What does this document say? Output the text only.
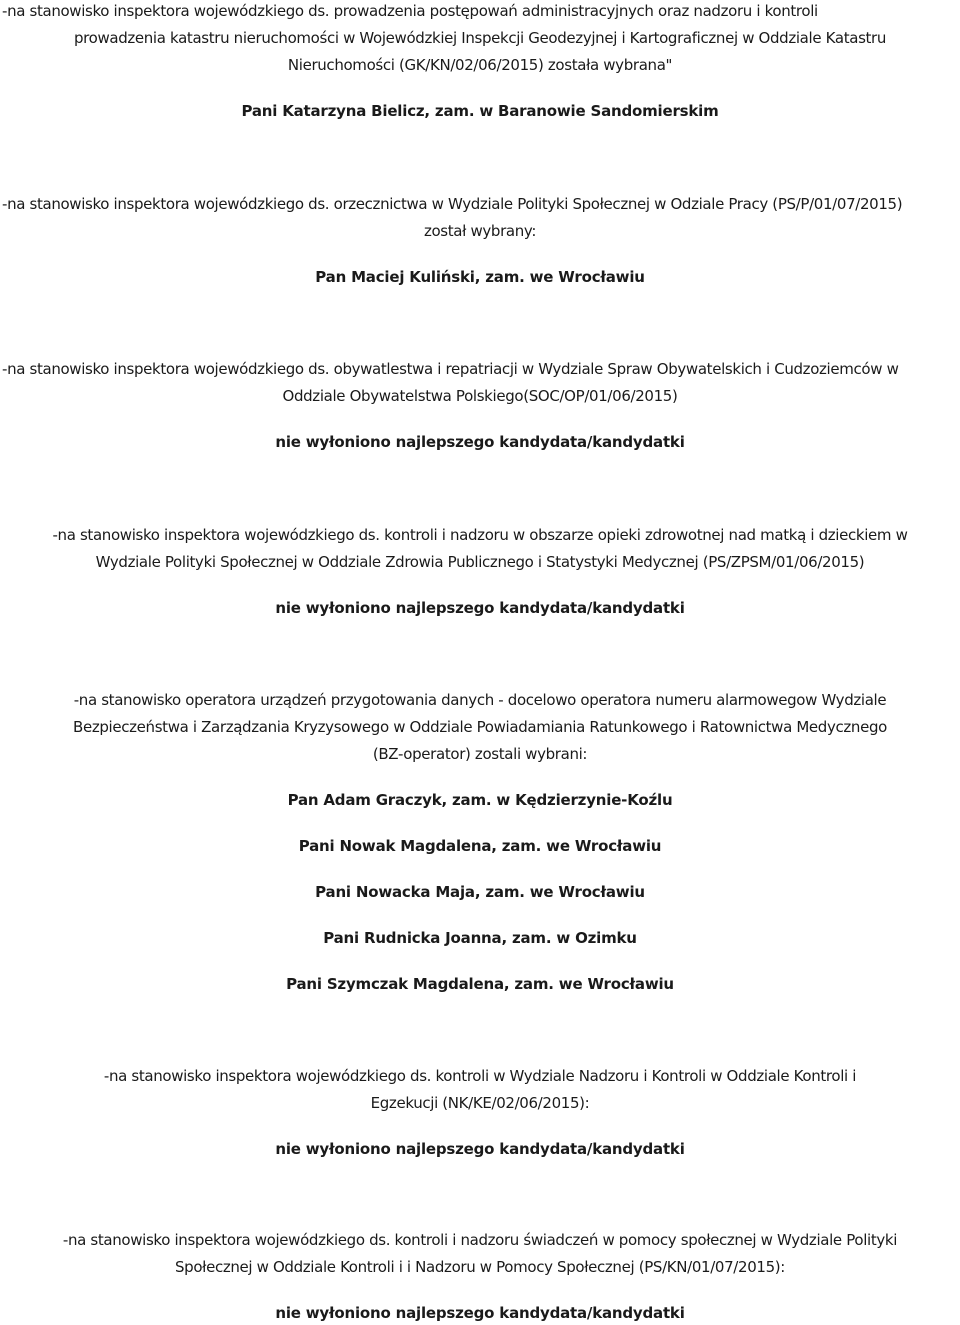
-na stanowisko inspektora wojewódzkiego ds. prowadzenia postępowań administracyjnych oraz nadzoru i kontroli
prowadzenia katastru nieruchomości w Wojewódzkiej Inspekcji Geodezyjnej i Kartograficznej w Oddziale Katastru
Nieruchomości (GK/KN/02/06/2015) została wybrana"
Pani Katarzyna Bielicz, zam. w Baranowie Sandomierskim
-na stanowisko inspektora wojewódzkiego ds. orzecznictwa w Wydziale Polityki Społecznej w Odziale Pracy (PS/P/01/07/2015)
został wybrany:
Pan Maciej Kuliński, zam. we Wrocławiu
-na stanowisko inspektora wojewódzkiego ds. obywatlestwa i repatriacji w Wydziale Spraw Obywatelskich i Cudzoziemców w
Oddziale Obywatelstwa Polskiego(SOC/OP/01/06/2015)
nie wyłoniono najlepszego kandydata/kandydatki
-na stanowisko inspektora wojewódzkiego ds. kontroli i nadzoru w obszarze opieki zdrowotnej nad matką i dzieckiem w
Wydziale Polityki Społecznej w Oddziale Zdrowia Publicznego i Statystyki Medycznej (PS/ZPSM/01/06/2015)
nie wyłoniono najlepszego kandydata/kandydatki
-na stanowisko operatora urządzeń przygotowania danych - docelowo operatora numeru alarmowegow Wydziale
Bezpieczeństwa i Zarządzania Kryzysowego w Oddziale Powiadamiania Ratunkowego i Ratownictwa Medycznego
(BZ-operator) zostali wybrani:
Pan Adam Graczyk, zam. w Kędzierzynie-Koźlu
Pani Nowak Magdalena, zam. we Wrocławiu
Pani Nowacka Maja, zam. we Wrocławiu
Pani Rudnicka Joanna, zam. w Ozimku
Pani Szymczak Magdalena, zam. we Wrocławiu
-na stanowisko inspektora wojewódzkiego ds. kontroli w Wydziale Nadzoru i Kontroli w Oddziale Kontroli i
Egzekucji (NK/KE/02/06/2015):
nie wyłoniono najlepszego kandydata/kandydatki
-na stanowisko inspektora wojewódzkiego ds. kontroli i nadzoru świadczeń w pomocy społecznej w Wydziale Polityki
Społecznej w Oddziale Kontroli i i Nadzoru w Pomocy Społecznej (PS/KN/01/07/2015):
nie wyłoniono najlepszego kandydata/kandydatki
